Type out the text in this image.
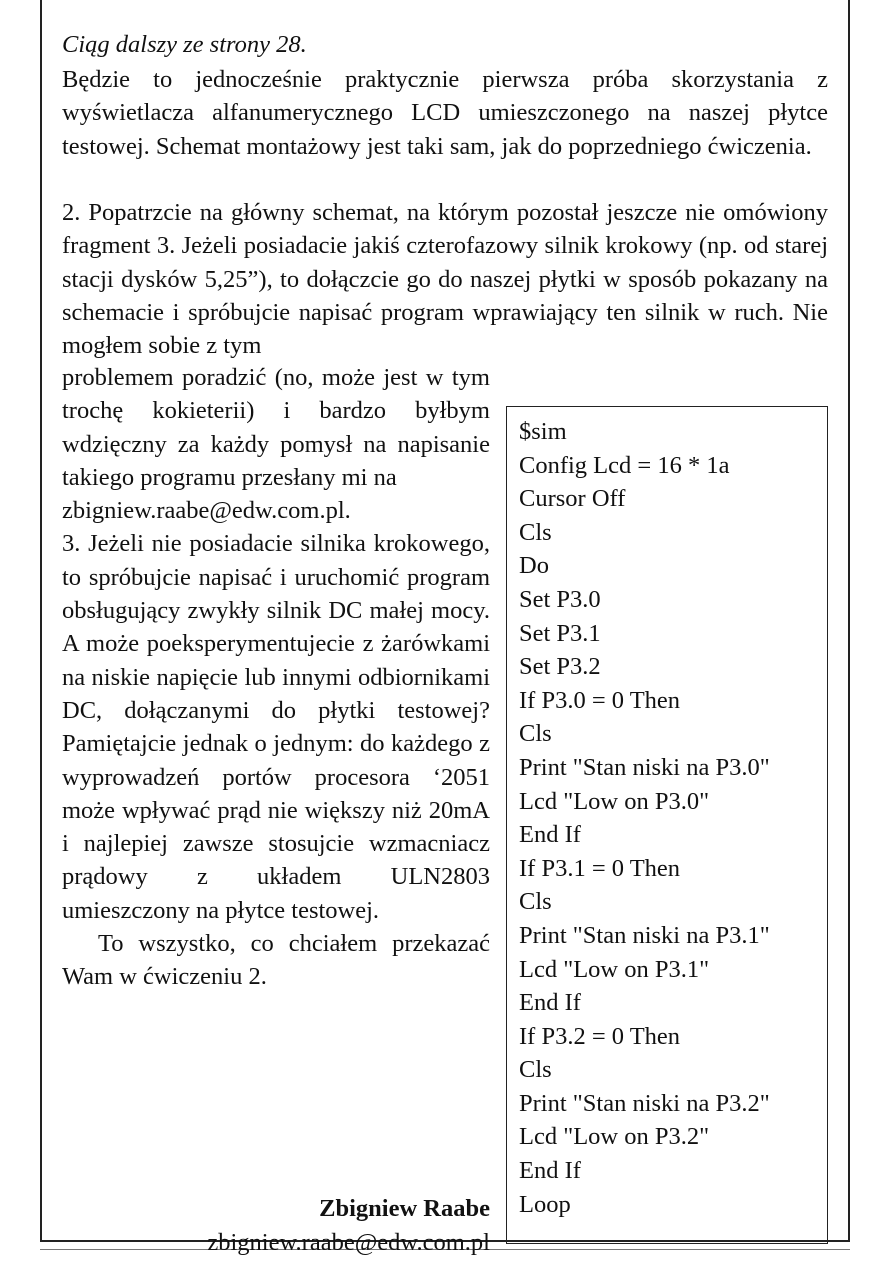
Ciąg dalszy ze strony 28.

Będzie to jednocześnie praktycznie pierwsza próba skorzystania z wyświetlacza alfanumerycznego LCD umieszczonego na naszej płytce testowej. Schemat montażowy jest taki sam, jak do poprzedniego ćwiczenia.

2. Popatrzcie na główny schemat, na którym pozostał jeszcze nie omówiony fragment 3. Jeżeli posiadacie jakiś czterofazowy silnik krokowy (np. od starej stacji dysków 5,25”), to dołączcie go do naszej płytki w sposób pokazany na schemacie i spróbujcie napisać program wprawiający ten silnik w ruch. Nie mogłem sobie z tym

problemem poradzić (no, może jest w tym trochę kokieterii) i bardzo byłbym wdzięczny za każdy pomysł na napisanie takiego programu przesłany mi na

zbigniew.raabe@edw.com.pl.

3. Jeżeli nie posiadacie silnika krokowego, to spróbujcie napisać i uruchomić program obsługujący zwykły silnik DC małej mocy. A może poeksperymentujecie z żarówkami na niskie napięcie lub innymi odbiornikami DC, dołączanymi do płytki testowej? Pamiętajcie jednak o jednym: do każdego z wyprowadzeń portów procesora ‘2051 może wpływać prąd nie większy niż 20mA i najlepiej zawsze stosujcie wzmacniacz prądowy z układem ULN2803 umieszczony na płytce testowej.

To wszystko, co chciałem przekazać Wam w ćwiczeniu 2.

Zbigniew Raabe
zbigniew.raabe@edw.com.pl
$sim
Config Lcd = 16 * 1a
Cursor Off
Cls
Do
Set P3.0
Set P3.1
Set P3.2
If P3.0 = 0 Then
Cls
Print "Stan niski na P3.0"
Lcd "Low on P3.0"
End If
If P3.1 = 0 Then
Cls
Print "Stan niski na P3.1"
Lcd "Low on P3.1"
End If
If P3.2 = 0 Then
Cls
Print "Stan niski na P3.2"
Lcd "Low on P3.2"
End If
Loop
